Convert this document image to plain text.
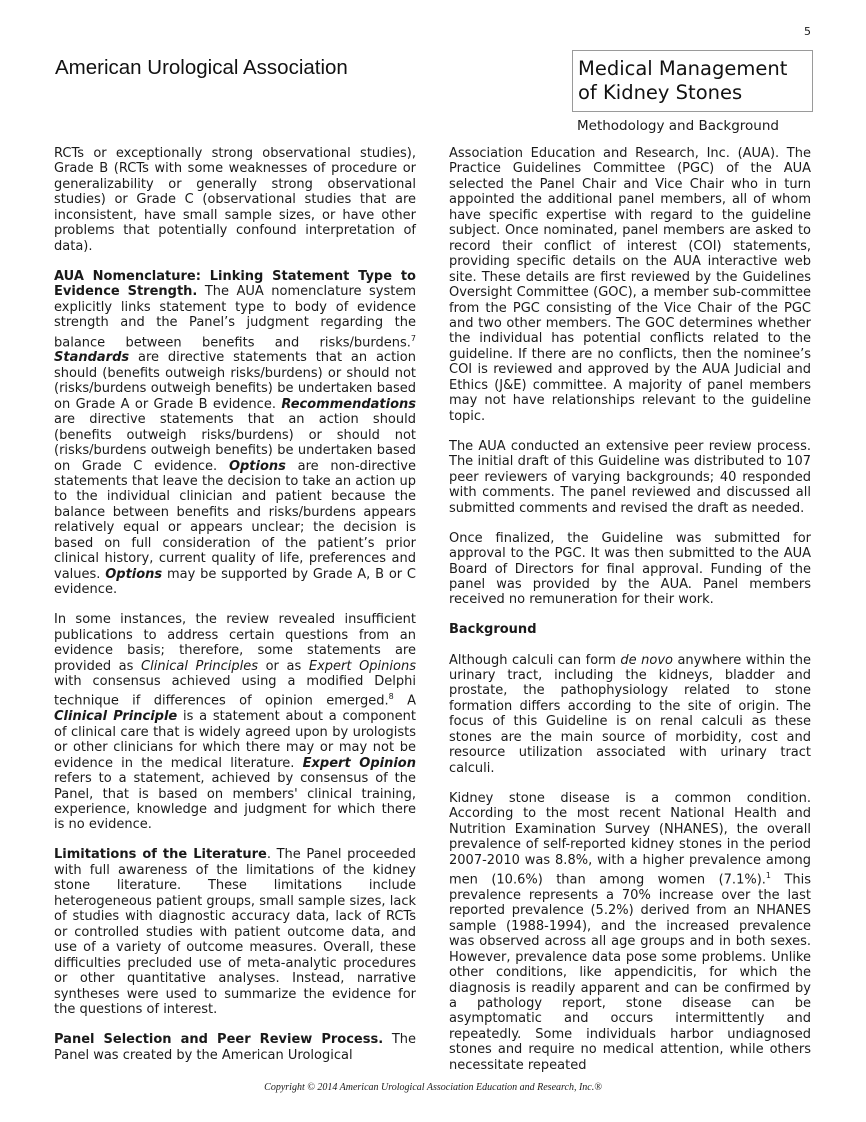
5
American Urological Association	Medical Management
of Kidney Stones
Methodology and Background

RCTs or exceptionally strong observational studies), Grade B (RCTs with some weaknesses of procedure or generalizability or generally strong observational studies) or Grade C (observational studies that are inconsistent, have small sample sizes, or have other problems that potentially confound interpretation of data).

AUA Nomenclature: Linking Statement Type to Evidence Strength. The AUA nomenclature system explicitly links statement type to body of evidence strength and the Panel’s judgment regarding the balance between benefits and risks/burdens.$^7$ Standards are directive statements that an action should (benefits outweigh risks/burdens) or should not (risks/burdens outweigh benefits) be undertaken based on Grade A or Grade B evidence. Recommendations are directive statements that an action should (benefits outweigh risks/burdens) or should not (risks/burdens outweigh benefits) be undertaken based on Grade C evidence. Options are non-directive statements that leave the decision to take an action up to the individual clinician and patient because the balance between benefits and risks/burdens appears relatively equal or appears unclear; the decision is based on full consideration of the patient’s prior clinical history, current quality of life, preferences and values. Options may be supported by Grade A, B or C evidence.

In some instances, the review revealed insufficient publications to address certain questions from an evidence basis; therefore, some statements are provided as Clinical Principles or as Expert Opinions with consensus achieved using a modified Delphi technique if differences of opinion emerged.$^8$ A Clinical Principle is a statement about a component of clinical care that is widely agreed upon by urologists or other clinicians for which there may or may not be evidence in the medical literature. Expert Opinion refers to a statement, achieved by consensus of the Panel, that is based on members' clinical training, experience, knowledge and judgment for which there is no evidence.

Limitations of the Literature. The Panel proceeded with full awareness of the limitations of the kidney stone literature. These limitations include heterogeneous patient groups, small sample sizes, lack of studies with diagnostic accuracy data, lack of RCTs or controlled studies with patient outcome data, and use of a variety of outcome measures. Overall, these difficulties precluded use of meta-analytic procedures or other quantitative analyses. Instead, narrative syntheses were used to summarize the evidence for the questions of interest.

Panel Selection and Peer Review Process. The Panel was created by the American Urological

Association Education and Research, Inc. (AUA). The Practice Guidelines Committee (PGC) of the AUA selected the Panel Chair and Vice Chair who in turn appointed the additional panel members, all of whom have specific expertise with regard to the guideline subject. Once nominated, panel members are asked to record their conflict of interest (COI) statements, providing specific details on the AUA interactive web site. These details are first reviewed by the Guidelines Oversight Committee (GOC), a member sub-committee from the PGC consisting of the Vice Chair of the PGC and two other members. The GOC determines whether the individual has potential conflicts related to the guideline. If there are no conflicts, then the nominee’s COI is reviewed and approved by the AUA Judicial and Ethics (J&E) committee. A majority of panel members may not have relationships relevant to the guideline topic.

The AUA conducted an extensive peer review process. The initial draft of this Guideline was distributed to 107 peer reviewers of varying backgrounds; 40 responded with comments. The panel reviewed and discussed all submitted comments and revised the draft as needed.

Once finalized, the Guideline was submitted for approval to the PGC. It was then submitted to the AUA Board of Directors for final approval. Funding of the panel was provided by the AUA. Panel members received no remuneration for their work.

Background

Although calculi can form de novo anywhere within the urinary tract, including the kidneys, bladder and prostate, the pathophysiology related to stone formation differs according to the site of origin. The focus of this Guideline is on renal calculi as these stones are the main source of morbidity, cost and resource utilization associated with urinary tract calculi.

Kidney stone disease is a common condition. According to the most recent National Health and Nutrition Examination Survey (NHANES), the overall prevalence of self-reported kidney stones in the period 2007-2010 was 8.8%, with a higher prevalence among men (10.6%) than among women (7.1%).$^1$ This prevalence represents a 70% increase over the last reported prevalence (5.2%) derived from an NHANES sample (1988-1994), and the increased prevalence was observed across all age groups and in both sexes. However, prevalence data pose some problems. Unlike other conditions, like appendicitis, for which the diagnosis is readily apparent and can be confirmed by a pathology report, stone disease can be asymptomatic and occurs intermittently and repeatedly. Some individuals harbor undiagnosed stones and require no medical attention, while others necessitate repeated

Copyright © 2014 American Urological Association Education and Research, Inc.®
